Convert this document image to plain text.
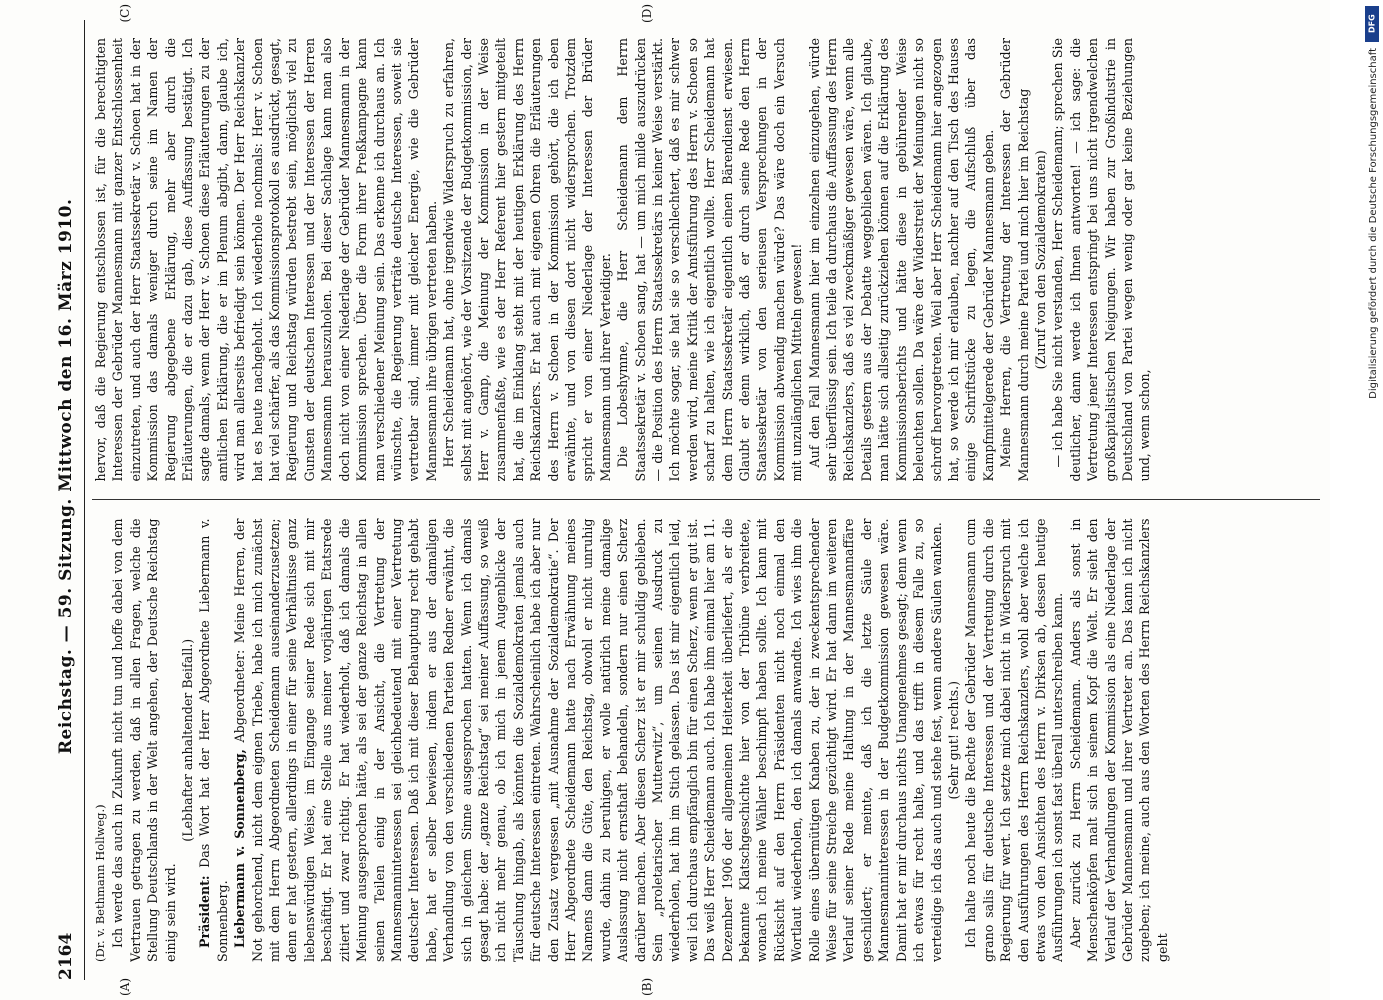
2164
Reichstag. — 59. Sitzung. Mittwoch den 16. März 1910.
(A)	(B)
(C)	(D)

(Dr. v. Bethmann Hollweg.) Ich werde das auch in Zukunft nicht tun und hoffe dabei von dem Vertrauen getragen zu werden, daß in allen Fragen, welche die Stellung Deutschlands in der Welt angehen, der Deutsche Reichstag einig sein wird.

(Lebhafter anhaltender Beifall.)

Präsident: Das Wort hat der Herr Abgeordnete Liebermann v. Sonnenberg. Liebermann v. Sonnenberg, Abgeordneter: Meine Herren, der Not gehorchend, nicht dem eignen Triebe, habe ich mich zunächst mit dem Herrn Abgeordneten Scheidemann auseinanderzusetzen; denn er hat gestern, allerdings in einer für seine Verhältnisse ganz liebenswürdigen Weise, im Eingange seiner Rede sich mit mir beschäftigt. Er hat eine Stelle aus meiner vorjährigen Etatsrede zitiert und zwar richtig. Er hat wiederholt, daß ich damals die Meinung ausgesprochen hätte, als sei der ganze Reichstag in allen seinen Teilen einig in der Ansicht, die Vertretung der Mannesmanninteressen sei gleichbedeutend mit einer Vertretung deutscher Interessen. Daß ich mit dieser Behauptung recht gehabt habe, hat er selber bewiesen, indem er aus der damaligen Verhandlung von den verschiedenen Parteien Redner erwähnt, die sich in gleichem Sinne ausgesprochen hatten. Wenn ich damals gesagt habe: der „ganze Reichstag“ sei meiner Auffassung, so weiß ich nicht mehr genau, ob ich mich in jenem Augenblicke der Täuschung hingab, als könnten die Sozialdemokraten jemals auch für deutsche Interessen eintreten. Wahrscheinlich habe ich aber nur den Zusatz vergessen „mit Ausnahme der Sozialdemokratie“. Der Herr Abgeordnete Scheidemann hatte nach Erwähnung meines Namens dann die Güte, den Reichstag, obwohl er nicht unruhig wurde, dahin zu beruhigen, er wolle natürlich meine damalige Auslassung nicht ernsthaft behandeln, sondern nur einen Scherz darüber machen. Aber diesen Scherz ist er mir schuldig geblieben. Sein „proletarischer Mutterwitz“, um seinen Ausdruck zu wiederholen, hat ihn im Stich gelassen. Das ist mir eigentlich leid, weil ich durchaus empfänglich bin für einen Scherz, wenn er gut ist. Das weiß Herr Scheidemann auch. Ich habe ihm einmal hier am 11. Dezember 1906 der allgemeinen Heiterkeit überliefert, als er die bekannte Klatschgeschichte hier von der Tribüne verbreitete, wonach ich meine Wähler beschimpft haben sollte. Ich kann mit Rücksicht auf den Herrn Präsidenten nicht noch einmal den Wortlaut wiederholen, den ich damals anwandte. Ich wies ihm die Rolle eines übermütigen Knaben zu, der in zweckentsprechender Weise für seine Streiche gezüchtigt wird. Er hat dann im weiteren Verlauf seiner Rede meine Haltung in der Mannesmannaffäre geschildert; er meinte, daß ich die letzte Säule der Mannesmanninteressen in der Budgetkommission gewesen wäre. Damit hat er mir durchaus nichts Unangenehmes gesagt; denn wenn ich etwas für recht halte, und das trifft in diesem Falle zu, so verteidige ich das auch und stehe fest, wenn andere Säulen wanken. (Sehr gut! rechts.) Ich halte noch heute die Rechte der Gebrüder Mannesmann cum grano salis für deutsche Interessen und der Vertretung durch die Regierung für wert. Ich setzte mich dabei nicht in Widerspruch mit den Ausführungen des Herrn Reichskanzlers, wohl aber welche ich etwas von den Ansichten des Herrn v. Dirksen ab, dessen heutige Ausführungen ich sonst fast überall unterschreiben kann. Aber zurück zu Herrn Scheidemann. Anders als sonst in Menschenköpfen malt sich in seinem Kopf die Welt. Er sieht den Verlauf der Verhandlungen der Kommission als eine Niederlage der Gebrüder Mannesmann und ihrer Vertreter an. Das kann ich nicht zugeben; ich meine, auch aus den Worten des Herrn Reichskanzlers geht

hervor, daß die Regierung entschlossen ist, für die berechtigten Interessen der Gebrüder Mannesmann mit ganzer Entschlossenheit einzutreten, und auch der Herr Staatssekretär v. Schoen hat in der Kommission das damals weniger durch seine im Namen der Regierung abgegebene Erklärung, mehr aber durch die Erläuterungen, die er dazu gab, diese Auffassung bestätigt. Ich sagte damals, wenn der Herr v. Schoen diese Erläuterungen zu der amtlichen Erklärung, die er im Plenum abgibt, dann, glaube ich, wird man allerseits befriedigt sein können. Der Herr Reichskanzler hat es heute nachgeholt. Ich wiederhole nochmals: Herr v. Schoen hat viel schärfer, als das Kommissionsprotokoll es ausdrückt, gesagt, Regierung und Reichstag würden bestrebt sein, möglichst viel zu Gunsten der deutschen Interessen und der Interessen der Herren Mannesmann herauszuholen. Bei dieser Sachlage kann man also doch nicht von einer Niederlage der Gebrüder Mannesmann in der Kommission sprechen. Über die Form ihrer Preßkampagne kann man verschiedener Meinung sein. Das erkenne ich durchaus an. Ich wünschte, die Regierung verträte deutsche Interessen, soweit sie vertretbar sind, immer mit gleicher Energie, wie die Gebrüder Mannesmann ihre übrigen vertreten haben. Herr Scheidemann hat, ohne irgendwie Widerspruch zu erfahren, selbst mit angehört, wie der Vorsitzende der Budgetkommission, der Herr v. Gamp, die Meinung der Kommission in der Weise zusammenfaßte, wie es der Herr Referent hier gestern mitgeteilt hat, die im Einklang steht mit der heutigen Erklärung des Herrn Reichskanzlers. Er hat auch mit eigenen Ohren die Erläuterungen des Herrn v. Schoen in der Kommission gehört, die ich eben erwähnte, und von diesen dort nicht widersprochen. Trotzdem spricht er von einer Niederlage der Interessen der Brüder Mannesmann und ihrer Verteidiger. Die Lobeshymne, die Herr Scheidemann dem Herrn Staatssekretär v. Schoen sang, hat — um mich milde auszudrücken — die Position des Herrn Staatssekretärs in keiner Weise verstärkt. Ich möchte sogar, sie hat sie so verschlechtert, daß es mir schwer werden wird, meine Kritik der Amtsführung des Herrn v. Schoen so scharf zu halten, wie ich eigentlich wollte. Herr Scheidemann hat dem Herrn Staatssekretär eigentlich einen Bärendienst erwiesen. Glaubt er denn wirklich, daß er durch seine Rede den Herrn Staatssekretär von den serieusen Versprechungen in der Kommission abwendig machen würde? Das wäre doch ein Versuch mit unzulänglichen Mitteln gewesen! Auf den Fall Mannesmann hier im einzelnen einzugehen, würde sehr überflüssig sein. Ich teile da durchaus die Auffassung des Herrn Reichskanzlers, daß es viel zweckmäßiger gewesen wäre, wenn alle Details gestern aus der Debatte weggeblieben wären. Ich glaube, man hätte sich allseitig zurückziehen können auf die Erklärung des Kommissionsberichts und hätte diese in gebührender Weise beleuchten sollen. Da wäre der Widerstreit der Meinungen nicht so schroff hervorgetreten. Weil aber Herr Scheidemann hier angezogen hat, so werde ich mir erlauben, nachher auf den Tisch des Hauses einige Schriftstücke zu legen, die Aufschluß über das Kampfmittelgerede der Gebrüder Mannesmann geben. Meine Herren, die Vertretung der Interessen der Gebrüder Mannesmann durch meine Partei und mich hier im Reichstag (Zuruf von den Sozialdemokraten) — ich habe Sie nicht verstanden, Herr Scheidemann; sprechen Sie deutlicher, dann werde ich Ihnen antworten! — ich sage: die Vertretung jener Interessen entspringt bei uns nicht irgendwelchen großkapitalistischen Neigungen. Wir haben zur Großindustrie in Deutschland von Partei wegen wenig oder gar keine Beziehungen und, wenn schon,

DFG
Digitalisierung gefördert durch die Deutsche Forschungsgemeinschaft
